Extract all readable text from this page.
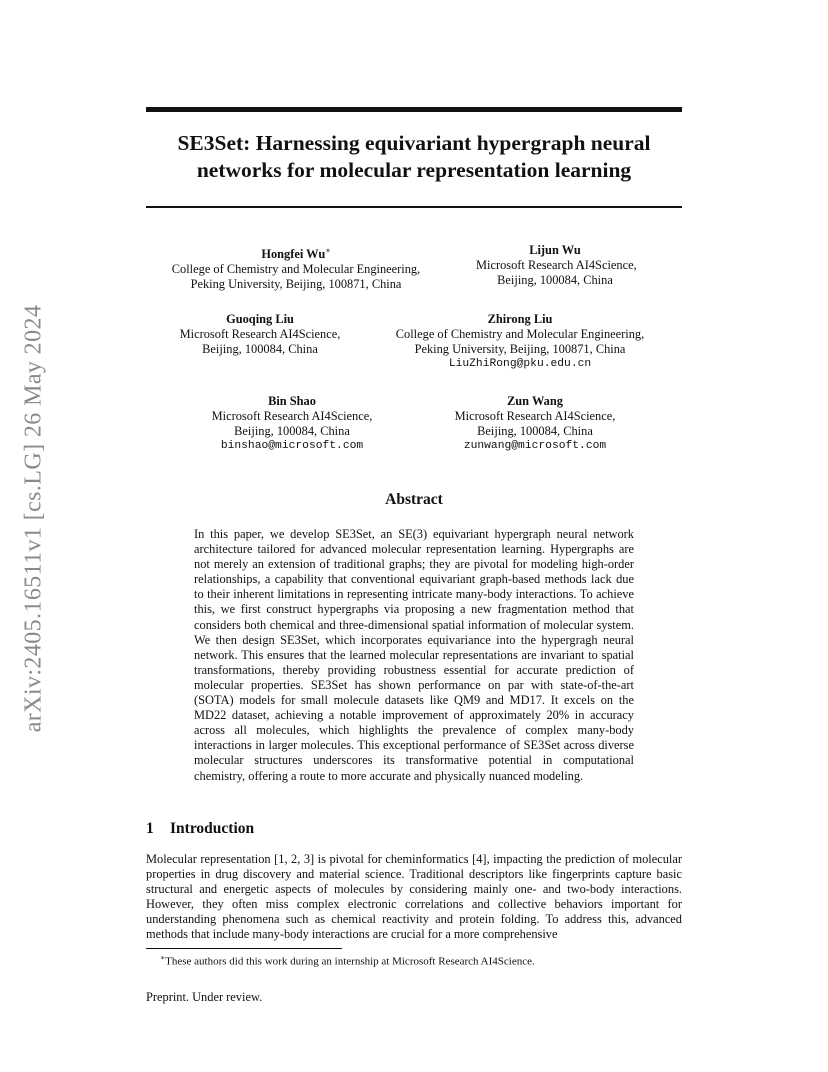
arXiv:2405.16511v1 [cs.LG] 26 May 2024
SE3Set: Harnessing equivariant hypergraph neural networks for molecular representation learning
Hongfei Wu∗
College of Chemistry and Molecular Engineering,
Peking University, Beijing, 100871, China
Lijun Wu
Microsoft Research AI4Science,
Beijing, 100084, China
Guoqing Liu
Microsoft Research AI4Science,
Beijing, 100084, China
Zhirong Liu
College of Chemistry and Molecular Engineering,
Peking University, Beijing, 100871, China
LiuZhiRong@pku.edu.cn
Bin Shao
Microsoft Research AI4Science,
Beijing, 100084, China
binshao@microsoft.com
Zun Wang
Microsoft Research AI4Science,
Beijing, 100084, China
zunwang@microsoft.com
Abstract

In this paper, we develop SE3Set, an SE(3) equivariant hypergraph neural network architecture tailored for advanced molecular representation learning. Hypergraphs are not merely an extension of traditional graphs; they are pivotal for modeling high-order relationships, a capability that conventional equivariant graph-based methods lack due to their inherent limitations in representing intricate many-body interactions. To achieve this, we first construct hypergraphs via proposing a new fragmentation method that considers both chemical and three-dimensional spatial information of molecular system. We then design SE3Set, which incorporates equivariance into the hypergragh neural network. This ensures that the learned molecular representations are invariant to spatial transformations, thereby providing robustness essential for accurate prediction of molecular properties. SE3Set has shown performance on par with state-of-the-art (SOTA) models for small molecule datasets like QM9 and MD17. It excels on the MD22 dataset, achieving a notable improvement of approximately 20% in accuracy across all molecules, which highlights the prevalence of complex many-body interactions in larger molecules. This exceptional performance of SE3Set across diverse molecular structures underscores its transformative potential in computational chemistry, offering a route to more accurate and physically nuanced modeling.

1 Introduction

Molecular representation [1, 2, 3] is pivotal for cheminformatics [4], impacting the prediction of molecular properties in drug discovery and material science. Traditional descriptors like fingerprints capture basic structural and energetic aspects of molecules by considering mainly one- and two-body interactions. However, they often miss complex electronic correlations and collective behaviors important for understanding phenomena such as chemical reactivity and protein folding. To address this, advanced methods that include many-body interactions are crucial for a more comprehensive

∗These authors did this work during an internship at Microsoft Research AI4Science.

Preprint. Under review.
